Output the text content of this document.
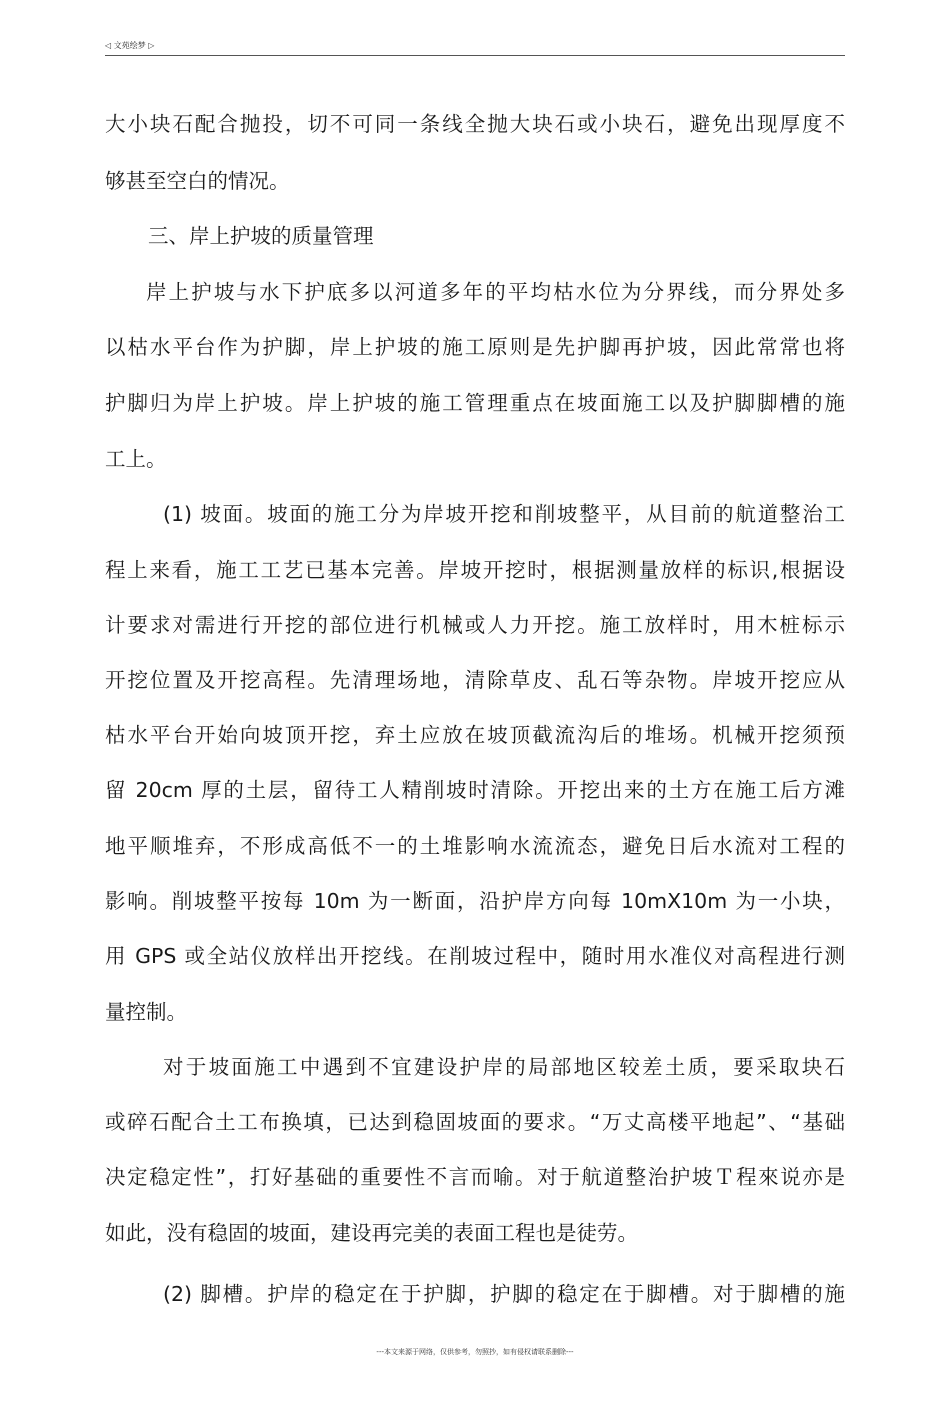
◁ 文苑绘梦 ▷
大小块石配合抛投，切不可同一条线全抛大块石或小块石，避免出现厚度不
够甚至空白的情况。
三、岸上护坡的质量管理
岸上护坡与水下护底多以河道多年的平均枯水位为分界线，而分界处多
以枯水平台作为护脚，岸上护坡的施工原则是先护脚再护坡，因此常常也将
护脚归为岸上护坡。岸上护坡的施工管理重点在坡面施工以及护脚脚槽的施
工上。
(1) 坡面。坡面的施工分为岸坡开挖和削坡整平，从目前的航道整治工
程上来看，施工工艺已基本完善。岸坡开挖时，根据测量放样的标识,根据设
计要求对需进行开挖的部位进行机械或人力开挖。施工放样时，用木桩标示
开挖位置及开挖高程。先清理场地，清除草皮、乱石等杂物。岸坡开挖应从
枯水平台开始向坡顶开挖，弃土应放在坡顶截流沟后的堆场。机械开挖须预
留 20cm 厚的土层，留待工人精削坡时清除。开挖出来的土方在施工后方滩
地平顺堆弃，不形成高低不一的土堆影响水流流态，避免日后水流对工程的
影响。削坡整平按每 10m 为一断面，沿护岸方向每 10mX10m 为一小块，
用 GPS 或全站仪放样出开挖线。在削坡过程中，随时用水准仪对高程进行测
量控制。
对于坡面施工中遇到不宜建设护岸的局部地区较差土质，要采取块石
或碎石配合土工布换填，已达到稳固坡面的要求。“万丈高楼平地起”、“基础
决定稳定性”，打好基础的重要性不言而喻。对于航道整治护坡Ｔ程來说亦是
如此，没有稳固的坡面，建设再完美的表面工程也是徒劳。
(2) 脚槽。护岸的稳定在于护脚，护脚的稳定在于脚槽。对于脚槽的施
---本文来源于网络，仅供参考，勿照抄，如有侵权请联系删除---
